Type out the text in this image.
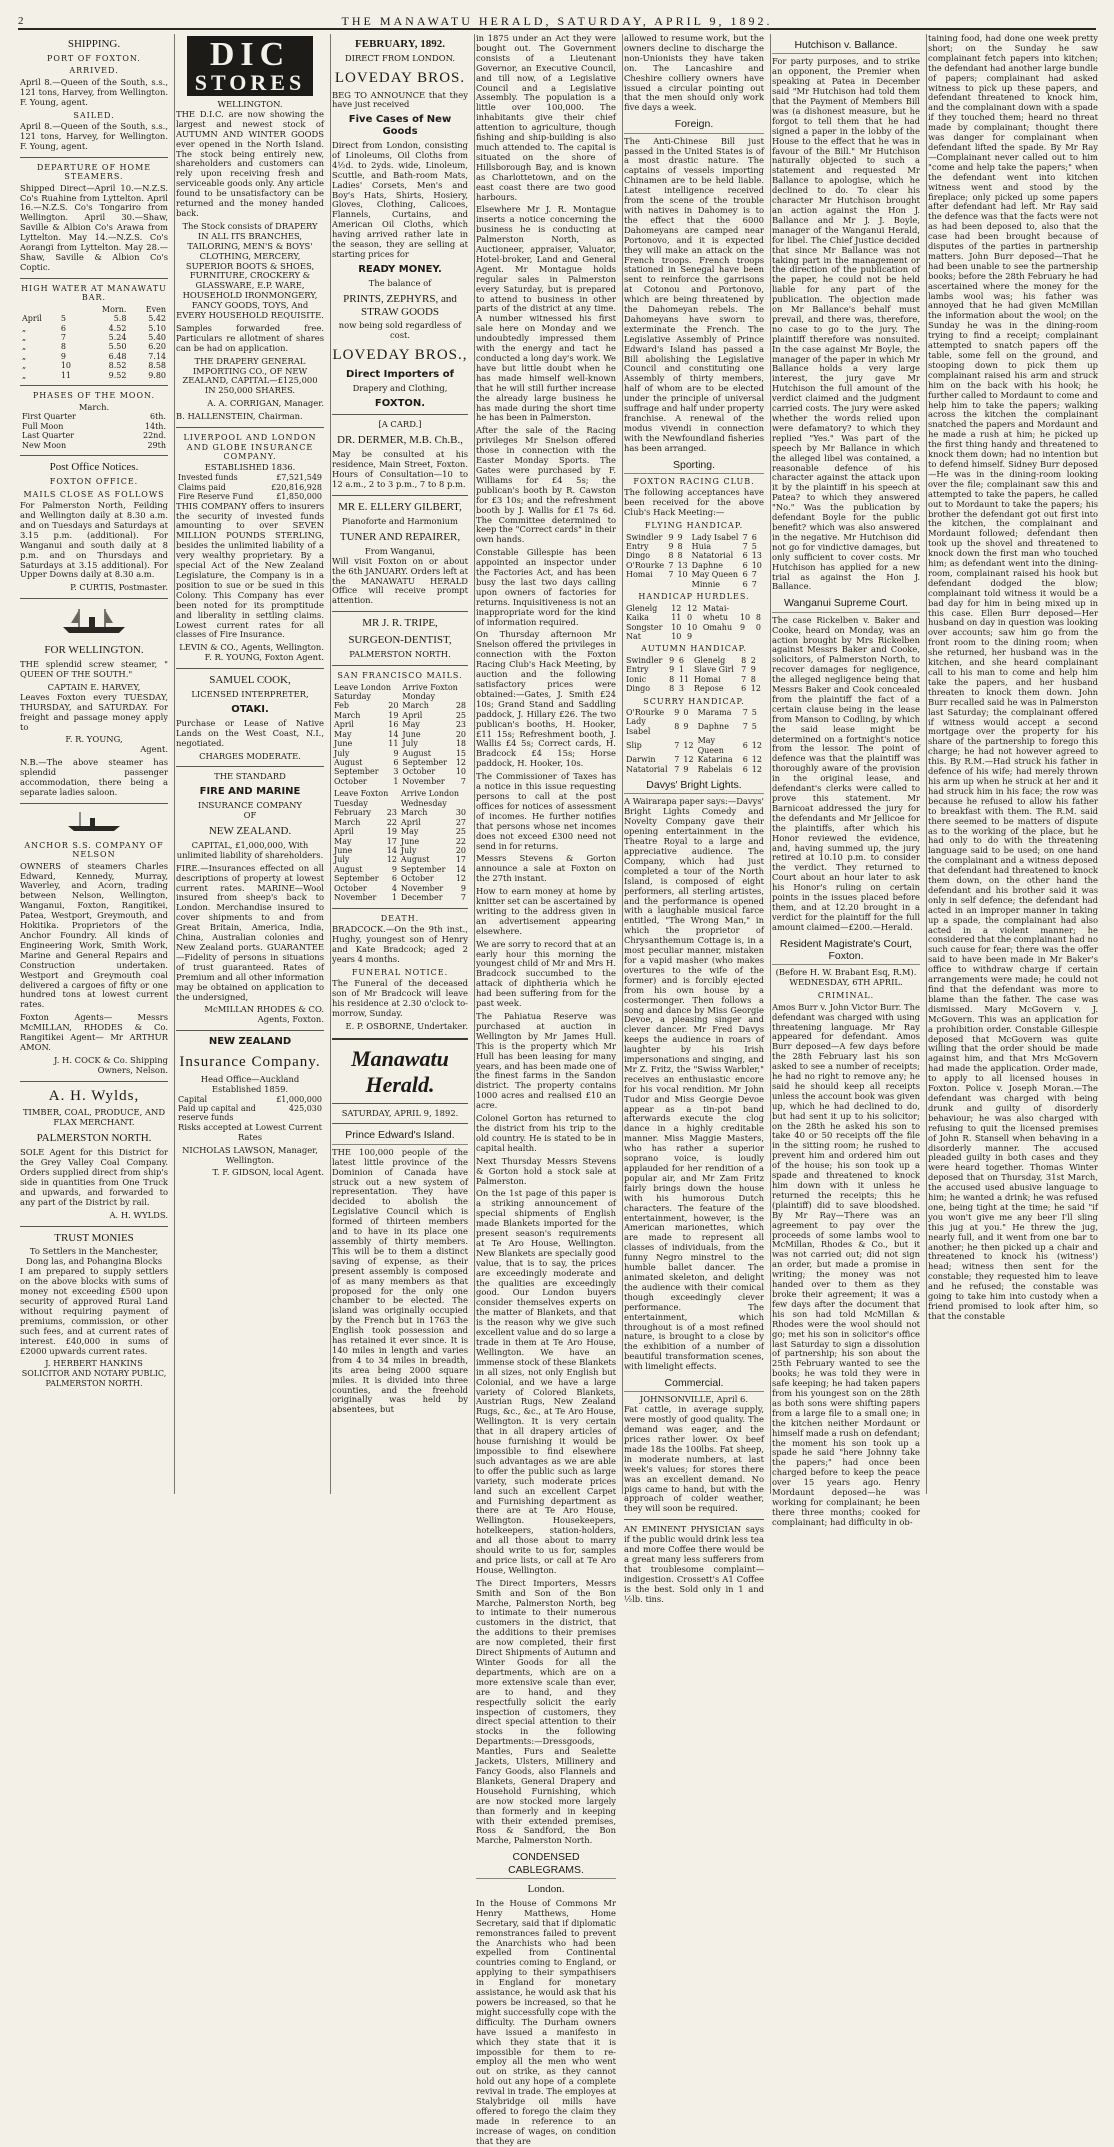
2	THE MANAWATU HERALD, SATURDAY, APRIL 9, 1892.
SHIPPING.
PORT OF FOXTON.
ARRIVED.

April 8.—Queen of the South, s.s., 121 tons, Harvey, from Wellington. F. Young, agent.

SAILED.

April 8.—Queen of the South, s.s., 121 tons, Harvey, for Wellington. F. Young, agent.

DEPARTURE OF HOME STEAMERS.

Shipped Direct—April 10.—N.Z.S. Co's Ruahine from Lyttelton. April 16.—N.Z.S. Co's Tongariro from Wellington. April 30.—Shaw, Saville & Albion Co's Arawa from Lyttelton. May 14.—N.Z.S. Co's Aorangi from Lyttelton. May 28.—Shaw, Saville & Albion Co's Coptic.

HIGH WATER AT MANAWATU BAR.
		Morn.	Even
April	5	5.8	5.42
„	6	4.52	5.10
„	7	5.24	5.40
„	8	5.50	6.20
„	9	6.48	7.14
„	10	8.52	8.58
„	11	9.52	9.80
PHASES OF THE MOON.
March.
First Quarter	6th.
Full Moon	14th.
Last Quarter	22nd.
New Moon	29th
Post Office Notices.
FOXTON OFFICE.
MAILS CLOSE AS FOLLOWS

For Palmerston North, Feilding and Wellington daily at 8.30 a.m. and on Tuesdays and Saturdays at 3.15 p.m. (additional). For Wanganui and south daily at 8 p.m. and on Thursdays and Saturdays at 3.15 additional). For Upper Downs daily at 8.30 a.m.

P. CURTIS, Postmaster.

FOR WELLINGTON.

THE splendid screw steamer, " QUEEN OF THE SOUTH."

CAPTAIN E. HARVEY,

Leaves Foxton every TUESDAY, THURSDAY, and SATURDAY. For freight and passage money apply to

F. R. YOUNG,

Agent.

N.B.—The above steamer has splendid passenger accommodation, there being a separate ladies saloon.

ANCHOR S.S. COMPANY OF NELSON

OWNERS of steamers Charles Edward, Kennedy, Murray, Waverley, and Acorn, trading between Nelson, Wellington, Wanganui, Foxton, Rangitikei, Patea, Westport, Greymouth, and Hokitika. Proprietors of the Anchor Foundry. All kinds of Engineering Work, Smith Work, Marine and General Repairs and Construction undertaken. Westport and Greymouth coal delivered a cargoes of fifty or one hundred tons at lowest current rates.

Foxton Agents— Messrs McMILLAN, RHODES & Co. Rangitikei Agent— Mr ARTHUR AMON.

J. H. COCK & Co. Shipping Owners, Nelson.

A. H. Wylds,
TIMBER, COAL, PRODUCE, AND FLAX MERCHANT.
PALMERSTON NORTH.

SOLE Agent for this District for the Grey Valley Coal Company. Orders supplied direct from ship's side in quantities from One Truck and upwards, and forwarded to any part of the District by rail.

A. H. WYLDS.

TRUST MONIES
To Settlers in the Manchester, Dong las, and Pohangina Blocks

I am prepared to supply settlers on the above blocks with sums of money not exceeding £500 upon security of approved Rural Land without requiring payment of premiums, commission, or other such fees, and at current rates of interest. £40,000 in sums of £2000 upwards current rates.

J. HERBERT HANKINS
SOLICITOR AND NOTARY PUBLIC, PALMERSTON NORTH.
DIC
STORES
WELLINGTON.

THE D.I.C. are now showing the largest and newest stock of AUTUMN AND WINTER GOODS ever opened in the North Island. The stock being entirely new, shareholders and customers can rely upon receiving fresh and serviceable goods only. Any article found to be unsatisfactory can be returned and the money handed back.

The Stock consists of DRAPERY IN ALL ITS BRANCHES, TAILORING, MEN'S & BOYS' CLOTHING, MERCERY, SUPERIOR BOOTS & SHOES, FURNITURE, CROCKERY & GLASSWARE, E.P. WARE, HOUSEHOLD IRONMONGERY, FANCY GOODS, TOYS, And EVERY HOUSEHOLD REQUISITE.

Samples forwarded free. Particulars re allotment of shares can be had on application.

THE DRAPERY GENERAL IMPORTING CO., OF NEW ZEALAND, CAPITAL—£125,000 IN 250,000 SHARES.

A. A. CORRIGAN, Manager.

B. HALLENSTEIN, Chairman.

LIVERPOOL AND LONDON AND GLOBE INSURANCE COMPANY.
ESTABLISHED 1836.
Invested funds	£7,521,549
Claims paid	£20,816,928
Fire Reserve Fund	£1,850,000

THIS COMPANY offers to insurers the security of invested funds amounting to over SEVEN MILLION POUNDS STERLING, besides the unlimited liability of a very wealthy proprietary. By a special Act of the New Zealand Legislature, the Company is in a position to sue or be sued in this Colony. This Company has ever been noted for its promptitude and liberality in settling claims. Lowest current rates for all classes of Fire Insurance.

LEVIN & CO., Agents, Wellington. F. R. YOUNG, Foxton Agent.

SAMUEL COOK,
LICENSED INTERPRETER,
OTAKI.

Purchase or Lease of Native Lands on the West Coast, N.I., negotiated.

CHARGES MODERATE.
THE STANDARD
FIRE AND MARINE
INSURANCE COMPANY
OF
NEW ZEALAND.

CAPITAL, £1,000,000, With unlimited liability of shareholders.

FIRE.—Insurances effected on all descriptions of property at lowest current rates. MARINE—Wool insured from sheep's back to London. Merchandise insured to cover shipments to and from Great Britain, America, India, China, Australian colonies and New Zealand ports. GUARANTEE—Fidelity of persons in situations of trust guaranteed. Rates of Premium and all other information may be obtained on application to the undersigned,

McMILLAN RHODES & CO. Agents, Foxton.

NEW ZEALAND
Insurance Company.
Head Office—Auckland
Established 1859.
Capital	£1,000,000
Paid up capital and reserve funds	425,030

Risks accepted at Lowest Current Rates

NICHOLAS LAWSON, Manager, Wellington.

T. F. GIDSON, local Agent.

FEBRUARY, 1892.
DIRECT FROM LONDON.
LOVEDAY BROS.

BEG TO ANNOUNCE that they have just received

Five Cases of New Goods

Direct from London, consisting of Linoleums, Oil Cloths from 4½d. to 2yds. wide, Linoleum, Scuttle, and Bath-room Mats, Ladies' Corsets, Men's and Boy's Hats, Shirts, Hosiery, Gloves, Clothing, Calicoes, Flannels, Curtains, and American Oil Cloths, which having arrived rather late in the season, they are selling at starting prices for

READY MONEY.
The balance of
PRINTS, ZEPHYRS, and STRAW GOODS
now being sold regardless of cost.
LOVEDAY BROS.,
Direct Importers of
Drapery and Clothing,
FOXTON.
[A CARD.]
DR. DERMER, M.B. Ch.B.,

May be consulted at his residence, Main Street, Foxton. Hours of Consultation—10 to 12 a.m., 2 to 3 p.m., 7 to 8 p.m.

MR E. ELLERY GILBERT,
Pianoforte and Harmonium
TUNER AND REPAIRER,
From Wanganui,

Will visit Foxton on or about the 6th JANUARY. Orders left at the MANAWATU HERALD Office will receive prompt attention.

MR J. R. TRIPE,
SURGEON-DENTIST,
PALMERSTON NORTH.
SAN FRANCISCO MAILS.
Leave London Saturday		Arrive Foxton Monday	
Feb	20	March	28
March	19	April	25
April	16	May	23
May	14	June	20
June	11	July	18
July	9	August	15
August	6	September	12
September	3	October	10
October	1	November	7
Leave Foxton Tuesday		Arrive London Wednesday	
February	23	March	30
March	22	April	27
April	19	May	25
May	17	June	22
June	14	July	20
July	12	August	17
August	9	September	14
September	6	October	12
October	4	November	9
November	1	December	7
DEATH.

BRADCOCK.—On the 9th inst., Hughy, youngest son of Henry and Kate Bradcock; aged 2 years 4 months.

FUNERAL NOTICE.

The Funeral of the deceased son of Mr Bradcock will leave his residence at 2.30 o'clock to-morrow, Sunday.

E. P. OSBORNE, Undertaker.

Manawatu Herald.
SATURDAY, APRIL 9, 1892.
Prince Edward's Island.

THE 100,000 people of the latest little province of the Dominion of Canada have struck out a new system of representation. They have decided to abolish the Legislative Council which is formed of thirteen members and to have in its place one assembly of thirty members. This will be to them a distinct saving of expense, as their present assembly is composed of as many members as that proposed for the only one chamber to be elected. The island was originally occupied by the French but in 1763 the English took possession and has retained it ever since. It is 140 miles in length and varies from 4 to 34 miles in breadth, its area being 2000 square miles. It is divided into three counties, and the freehold originally was held by absentees, but

in 1875 under an Act they were bought out. The Government consists of a Lieutenant Governor, an Executive Council, and till now, of a Legislative Council and a Legislative Assembly. The population is a little over 100,000. The inhabitants give their chief attention to agriculture, though fishing and ship-building is also much attended to. The capital is situated on the shore of Hillsborough Bay, and is known as Charlottetown, and on the east coast there are two good harbours.

Elsewhere Mr J. R. Montague inserts a notice concerning the business he is conducting at Palmerston North, as Auctioneer, appraiser, Valuator, Hotel-broker, Land and General Agent. Mr Montague holds regular sales in Palmerston every Saturday, but is prepared to attend to business in other parts of the district at any time. A number witnessed his first sale here on Monday and we undoubtedly impressed them with the energy and tact he conducted a long day's work. We have but little doubt when he has made himself well-known that he will still further increase the already large business he has made during the short time he has been in Palmerston.

After the sale of the Racing privileges Mr Snelson offered those in connection with the Easter Monday Sports. The Gates were purchased by F. Williams for £4 5s; the publican's booth by R. Cawston for £3 10s; and the refreshment booth by J. Wallis for £1 7s 6d. The Committee determined to keep the "Correct cards" in their own hands.

Constable Gillespie has been appointed an inspector under the Factories Act, and has been busy the last two days calling upon owners of factories for returns. Inquisitiveness is not an inappropriate word for the kind of information required.

On Thursday afternoon Mr Snelson offered the privileges in connection with the Foxton Racing Club's Hack Meeting, by auction and the following satisfactory prices were obtained:—Gates, J. Smith £24 10s; Grand Stand and Saddling paddock, J. Hillary £26. The two publican's booths, H. Hooker, £11 15s; Refreshment booth, J. Wallis £4 5s; Correct cards, H. Bradcock £4 15s; Horse paddock, H. Hooker, 10s.

The Commissioner of Taxes has a notice in this issue requesting persons to call at the post offices for notices of assessment of incomes. He further notifies that persons whose net incomes does not exceed £300 need not send in for returns.

Messrs Stevens & Gorton announce a sale at Foxton on the 27th instant.

How to earn money at home by knitter set can be ascertained by writing to the address given in an advertisement appearing elsewhere.

We are sorry to record that at an early hour this morning the youngest child of Mr and Mrs H. Bradcock succumbed to the attack of diphtheria which he had been suffering from for the past week.

The Pahiatua Reserve was purchased at auction in Wellington by Mr James Hull. This is the property which Mr Hull has been leasing for many years, and has been made one of the finest farms in the Sandon district. The property contains 1000 acres and realised £10 an acre.

Colonel Gorton has returned to the district from his trip to the old country. He is stated to be in capital health.

Next Thursday Messrs Stevens & Gorton hold a stock sale at Palmerston.

On the 1st page of this paper is a striking announcement of special shipments of English made Blankets imported for the present season's requirements at Te Aro House, Wellington. New Blankets are specially good value, that is to say, the prices are exceedingly moderate and the qualities are exceedingly good. Our London buyers consider themselves experts on the matter of Blankets, and that is the reason why we give such excellent value and do so large a trade in them at Te Aro House, Wellington. We have an immense stock of these Blankets in all sizes, not only English but Colonial, and we have a large variety of Colored Blankets, Austrian Rugs, New Zealand Rugs, &c., &c., at Te Aro House, Wellington. It is very certain that in all drapery articles of house furnishing it would be impossible to find elsewhere such advantages as we are able to offer the public such as large variety, such moderate prices and such an excellent Carpet and Furnishing department as there are at Te Aro House, Wellington. Housekeepers, hotelkeepers, station-holders, and all those about to marry should write to us for, samples and price lists, or call at Te Aro House, Wellington.

The Direct Importers, Messrs Smith and Son of the Bon Marche, Palmerston North, beg to intimate to their numerous customers in the district, that the additions to their premises are now completed, their first Direct Shipments of Autumn and Winter Goods for all the departments, which are on a more extensive scale than ever, are to hand, and they respectfully solicit the early inspection of customers, they direct special attention to their stocks in the following Departments:—Dressgoods, Mantles, Furs and Sealette Jackets, Ulsters, Millinery and Fancy Goods, also Flannels and Blankets, General Drapery and Household Furnishing, which are now stocked more largely than formerly and in keeping with their extended premises, Ross & Sandford, the Bon Marche, Palmerston North.

CONDENSED CABLEGRAMS.
London.

In the House of Commons Mr Henry Matthews, Home Secretary, said that if diplomatic remonstrances failed to prevent the Anarchists who had been expelled from Continental countries coming to England, or applying to their sympathisers in England for monetary assistance, he would ask that his powers be increased, so that he might successfully cope with the difficulty. The Durham owners have issued a manifesto in which they state that it is impossible for them to re-employ all the men who went out on strike, as they cannot hold out any hope of a complete revival in trade. The employes at Stalybridge oil mills have offered to forego the claim they made in reference to an increase of wages, on condition that they are

allowed to resume work, but the owners decline to discharge the non-Unionists they have taken on. The Lancashire and Cheshire colliery owners have issued a circular pointing out that the men should only work five days a week.

Foreign.

The Anti-Chinese Bill just passed in the United States is of a most drastic nature. The captains of vessels importing Chinamen are to be held liable. Latest intelligence received from the scene of the trouble with natives in Dahomey is to the effect that the 6000 Dahomeyans are camped near Portonovo, and it is expected they will make an attack on the French troops. French troops stationed in Senegal have been sent to reinforce the garrisons at Cotonou and Portonovo, which are being threatened by the Dahomeyan rebels. The Dahomeyans have sworn to exterminate the French. The Legislative Assembly of Prince Edward's Island has passed a Bill abolishing the Legislative Council and constituting one Assembly of thirty members, half of whom are to be elected under the principle of universal suffrage and half under property franchise. A renewal of the modus vivendi in connection with the Newfoundland fisheries has been arranged.

Sporting.
FOXTON RACING CLUB.

The following acceptances have been received for the above Club's Hack Meeting:—

FLYING HANDICAP.
Swindler	9	9	Lady Isabel	7	6
Entry	9	8	Huia	7	5
Dingo	8	8	Natatorial	6	13
O'Rourke	7	13	Daphne	6	10
Homai	7	10	May Queen	6	7
			Minnie	6	7
HANDICAP HURDLES.
Glenelg	12	12	Matai-		
Kaika	11	0	whetu	10	8
Songster	10	10	Omahu	9	0
Nat	10	9			
AUTUMN HANDICAP.
Swindler	9	6	Glenelg	8	2
Entry	9	1	Slave Girl	7	9
Ionic	8	11	Homai	7	8
Dingo	8	3	Repose	6	12
SCURRY HANDICAP.
O'Rourke	9	0	Marama	7	5
Lady Isabel	8	9	Daphne	7	5
Slip	7	12	May Queen	6	12
Darwin	7	12	Katarina	6	12
Natatorial	7	9	Rabelais	6	12
Davys' Bright Lights.

A Wairarapa paper says:—Davys' Bright Lights Comedy and Novelty Company gave their opening entertainment in the Theatre Royal to a large and appreciative audience. The Company, which had just completed a tour of the North Island, is composed of eight performers, all sterling artistes, and the performance is opened with a laughable musical farce entitled, "The Wrong Man," in which the proprietor of Chrysanthemum Cottage is, in a most peculiar manner, mistaken for a vapid masher (who makes overtures to the wife of the former) and is forcibly ejected from his own house by a costermonger. Then follows a song and dance by Miss Georgie Devoe, a pleasing singer and clever dancer. Mr Fred Davys keeps the audience in roars of laughter by his Irish impersonations and singing, and Mr Z. Fritz, the "Swiss Warbler," receives an enthusiastic encore for his vocal rendition. Mr John Tudor and Miss Georgie Devoe appear as a tin-pot band afterwards execute the clog dance in a highly creditable manner. Miss Maggie Masters, who has rather a superior soprano voice, is loudly applauded for her rendition of a popular air, and Mr Zam Fritz fairly brings down the house with his humorous Dutch characters. The feature of the entertainment, however, is the American marionettes, which are made to represent all classes of individuals, from the funny Negro minstrel to the humble ballet dancer. The animated skeleton, and delight the audience with their comical though exceedingly clever performance. The entertainment, which throughout is of a most refined nature, is brought to a close by the exhibition of a number of beautiful transformation scenes, with limelight effects.

Commercial.
JOHNSONVILLE, April 6.

Fat cattle, in average supply, were mostly of good quality. The demand was eager, and the prices rather lower. Ox beef made 18s the 100lbs. Fat sheep, in moderate numbers, at last week's values; for stores there was an excellent demand. No pigs came to hand, but with the approach of colder weather, they will soon be required.

AN EMINENT PHYSICIAN says if the public would drink less tea and more Coffee there would be a great many less sufferers from that troublesome complaint—indigestion. Crossett's A1 Coffee is the best. Sold only in 1 and ½lb. tins.

Hutchison v. Ballance.

For party purposes, and to strike an opponent, the Premier when speaking at Patea in December said "Mr Hutchison had told them that the Payment of Members Bill was (a dishonest measure, but he forgot to tell them that he had signed a paper in the lobby of the House to the effect that he was in favour of the Bill." Mr Hutchison naturally objected to such a statement and requested Mr Ballance to apologise, which he declined to do. To clear his character Mr Hutchison brought an action against the Hon J. Ballance and Mr J. J. Boyle, manager of the Wanganui Herald, for libel. The Chief Justice decided that since Mr Ballance was not taking part in the management or the direction of the publication of the paper, he could not be held liable for any part of the publication. The objection made on Mr Ballance's behalf must prevail, and there was, therefore, no case to go to the jury. The plaintiff therefore was nonsuited. In the case against Mr Boyle, the manager of the paper in which Mr Ballance holds a very large interest, the jury gave Mr Hutchison the full amount of the verdict claimed and the judgment carried costs. The jury were asked whether the words relied upon were defamatory? to which they replied "Yes." Was part of the speech by Mr Ballance in which the alleged libel was contained, a reasonable defence of his character against the attack upon it by the plaintiff in his speech at Patea? to which they answered "No." Was the publication by defendant Boyle for the public benefit? which was also answered in the negative. Mr Hutchison did not go for vindictive damages, but only sufficient to cover costs. Mr Hutchison has applied for a new trial as against the Hon J. Ballance.

Wanganui Supreme Court.

The case Rickelben v. Baker and Cooke, heard on Monday, was an action brought by Mrs Rickelben against Messrs Baker and Cooke, solicitors, of Palmerston North, to recover damages for negligence, the alleged negligence being that Messrs Baker and Cook concealed from the plaintiff the fact of a certain clause being in the lease from Manson to Codling, by which the said lease might be determined on a fortnight's notice from the lessor. The point of defence was that the plaintiff was thoroughly aware of the provision in the original lease, and defendant's clerks were called to prove this statement. Mr Barnicoat addressed the jury for the defendants and Mr Jellicoe for the plaintiffs, after which his Honor reviewed the evidence, and, having summed up, the jury retired at 10.10 p.m. to consider the verdict. They returned to Court about an hour later to ask his Honor's ruling on certain points in the issues placed before them, and at 12.20 brought in a verdict for the plaintiff for the full amount claimed—£200.—Herald.

Resident Magistrate's Court, Foxton.
(Before H. W. Brabant Esq, R.M).
WEDNESDAY, 6TH APRIL.
CRIMINAL.

Amos Burr v. John Victor Burr. The defendant was charged with using threatening language. Mr Ray appeared for defendant. Amos Burr deposed—A few days before the 28th February last his son asked to see a number of receipts; he had no right to remove any; he said he should keep all receipts unless the account book was given up, which he had declined to do, but had sent it up to his solicitor; on the 28th he asked his son to take 40 or 50 receipts off the file in the sitting room; he rushed to prevent him and ordered him out of the house; his son took up a spade and threatened to knock him down with it unless he returned the receipts; this he (plaintiff) did to save bloodshed. By Mr Ray—There was an agreement to pay over the proceeds of some lambs wool to McMillan, Rhodes & Co., but it was not carried out; did not sign an order, but made a promise in writing; the money was not handed over to them as they broke their agreement; it was a few days after the document that his son had told McMillan & Rhodes were the wool should not go; met his son in solicitor's office last Saturday to sign a dissolution of partnership; his son about the 25th February wanted to see the books; he was told they were in safe keeping; he had taken papers from his youngest son on the 28th as both sons were shifting papers from a large file to a small one; in the kitchen neither Mordaunt or himself made a rush on defendant; the moment his son took up a spade he said "here Johnny take the papers;" had once been charged before to keep the peace over 15 years ago. Henry Mordaunt deposed—he was working for complainant; he been there three months; cooked for complainant; had difficulty in ob-

taining food, had done one week pretty short; on the Sunday he saw complainant fetch papers into kitchen; the defendant had another large bundle of papers; complainant had asked witness to pick up these papers, and defendant threatened to knock him, and the complainant down with a spade if they touched them; heard no threat made by complainant; thought there was danger for complainant when defendant lifted the spade. By Mr Ray—Complainant never called out to him "come and help take the papers;" when the defendant went into kitchen witness went and stood by the fireplace; only picked up some papers after defendant had left. Mr Ray said the defence was that the facts were not as had been deposed to, also that the case had been brought because of disputes of the parties in partnership matters. John Burr deposed—That he had been unable to see the partnership books; before the 28th February he had ascertained where the money for the lambs wool was; his father was annoyed that he had given McMillan the information about the wool; on the Sunday he was in the dining-room trying to find a receipt; complainant attempted to snatch papers off the table, some fell on the ground, and stooping down to pick them up complainant raised his arm and struck him on the back with his hook; he further called to Mordaunt to come and help him to take the papers; walking across the kitchen the complainant snatched the papers and Mordaunt and he made a rush at him; he picked up the first thing handy and threatened to knock them down; had no intention but to defend himself. Sidney Burr deposed—He was in the dining-room looking over the file; complainant saw this and attempted to take the papers, he called out to Mordaunt to take the papers; his brother the defendant got out first into the kitchen, the complainant and Mordaunt followed; defendant then took up the shovel and threatened to knock down the first man who touched him; as defendant went into the dining-room, complainant raised his hook but defendant dodged the blow; complainant told witness it would be a bad day for him in being mixed up in this case. Ellen Burr deposed—Her husband on day in question was looking over accounts; saw him go from the front room to the dining room; when she returned, her husband was in the kitchen, and she heard complainant call to his man to come and help him take the papers, and her husband threaten to knock them down. John Burr recalled said he was in Palmerston last Saturday; the complainant offered if witness would accept a second mortgage over the property for his share of the partnership to forego this charge; he had not however agreed to this. By R.M.—Had struck his father in defence of his wife; had merely thrown his arm up when he struck at her and it had struck him in his face; the row was because he refused to allow his father to breakfast with them. The R.M. said there seemed to be matters of dispute as to the working of the place, but he had only to do with the threatening language said to be used; on one hand the complainant and a witness deposed that defendant had threatened to knock them down, on the other hand the defendant and his brother said it was only in self defence; the defendant had acted in an improper manner in taking up a spade, the complainant had also acted in a violent manner; he considered that the complainant had no such cause for fear; there was the offer said to have been made in Mr Baker's office to withdraw charge if certain arrangements were made; he could not find that the defendant was more to blame than the father. The case was dismissed. Mary McGovern v. J. McGovern. This was an application for a prohibition order. Constable Gillespie deposed that McGovern was quite willing that the order should be made against him, and that Mrs McGovern had made the application. Order made, to apply to all licensed houses in Foxton. Police v. Joseph Moran.—The defendant was charged with being drunk and guilty of disorderly behaviour; he was also charged with refusing to quit the licensed premises of John R. Stansell when behaving in a disorderly manner. The accused pleaded guilty in both cases and they were heard together. Thomas Winter deposed that on Thursday, 31st March, the accused used abusive language to him; he wanted a drink; he was refused one, being tight at the time; he said "if you won't give me any beer I'll sling this jug at you." He threw the jug, nearly full, and it went from one bar to another; he then picked up a chair and threatened to knock his (witness') head; witness then sent for the constable; they requested him to leave and he refused; the constable was going to take him into custody when a friend promised to look after him, so that the constable
